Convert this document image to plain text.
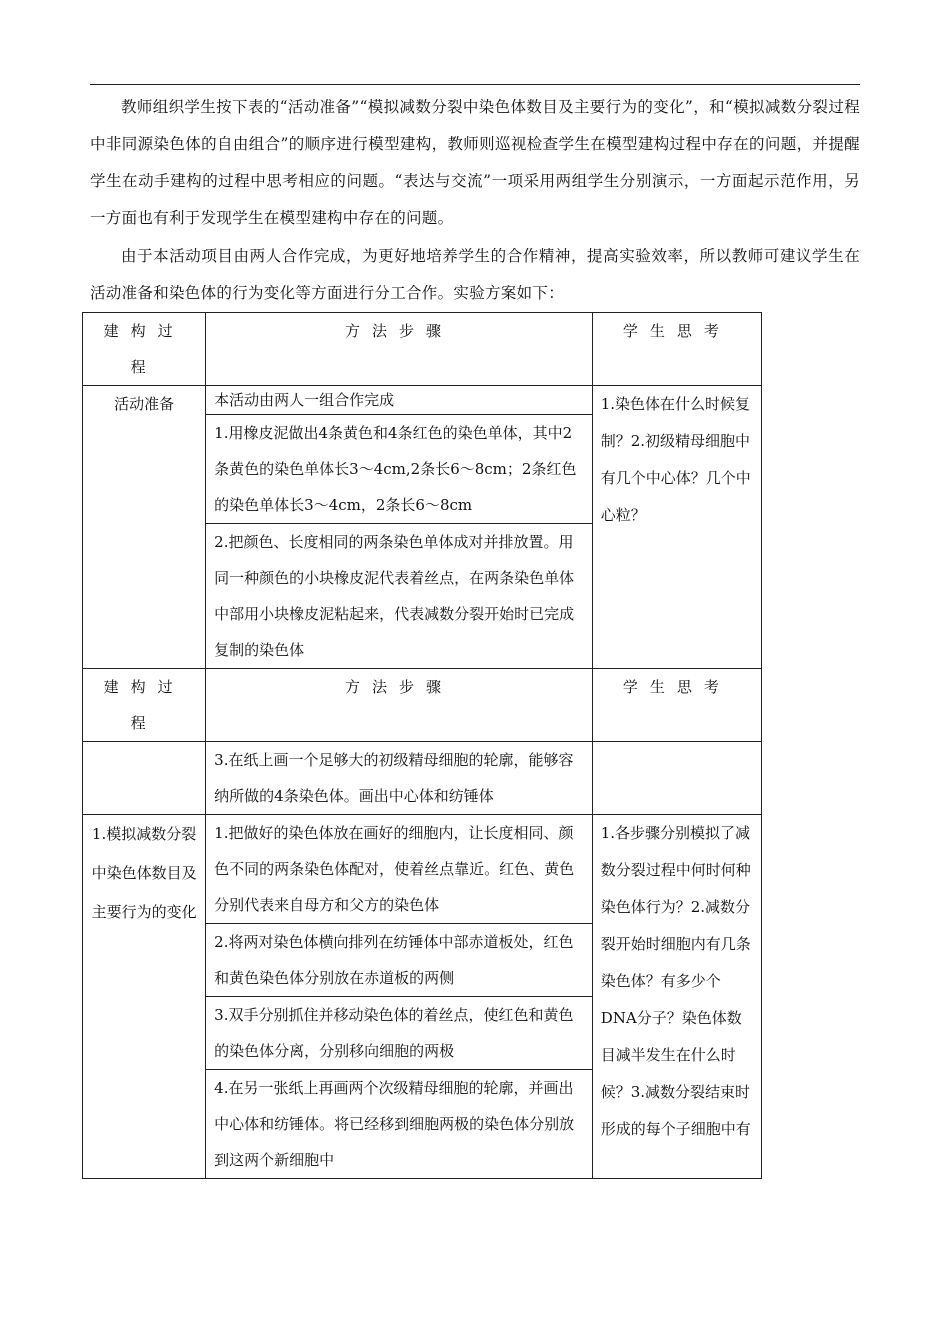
教师组织学生按下表的“活动准备”“模拟减数分裂中染色体数目及主要行为的变化”，和“模拟减数分裂过程中非同源染色体的自由组合”的顺序进行模型建构，教师则巡视检查学生在模型建构过程中存在的问题，并提醒学生在动手建构的过程中思考相应的问题。“表达与交流”一项采用两组学生分别演示，一方面起示范作用，另一方面也有利于发现学生在模型建构中存在的问题。

由于本活动项目由两人合作完成，为更好地培养学生的合作精神，提高实验效率，所以教师可建议学生在活动准备和染色体的行为变化等方面进行分工合作。实验方案如下：

建构过程	方法步骤	学生思考
活动准备	本活动由两人一组合作完成	1.染色体在什么时候复制？2.初级精母细胞中有几个中心体？几个中心粒？
	1.用橡皮泥做出4条黄色和4条红色的染色单体，其中2条黄色的染色单体长3～4cm,2条长6～8cm；2条红色的染色单体长3～4cm，2条长6～8cm	
	2.把颜色、长度相同的两条染色单体成对并排放置。用同一种颜色的小块橡皮泥代表着丝点，在两条染色单体中部用小块橡皮泥粘起来，代表减数分裂开始时已完成复制的染色体	
建构过程	方法步骤	学生思考
	3.在纸上画一个足够大的初级精母细胞的轮廓，能够容纳所做的4条染色体。画出中心体和纺锤体	
1.模拟减数分裂中染色体数目及主要行为的变化	1.把做好的染色体放在画好的细胞内，让长度相同、颜色不同的两条染色体配对，使着丝点靠近。红色、黄色分别代表来自母方和父方的染色体	1.各步骤分别模拟了减数分裂过程中何时何种染色体行为？2.减数分裂开始时细胞内有几条染色体？有多少个DNA分子？染色体数目减半发生在什么时候？3.减数分裂结束时形成的每个子细胞中有
	2.将两对染色体横向排列在纺锤体中部赤道板处，红色和黄色染色体分别放在赤道板的两侧	
	3.双手分别抓住并移动染色体的着丝点，使红色和黄色的染色体分离，分别移向细胞的两极	
	4.在另一张纸上再画两个次级精母细胞的轮廓，并画出中心体和纺锤体。将已经移到细胞两极的染色体分别放到这两个新细胞中	
